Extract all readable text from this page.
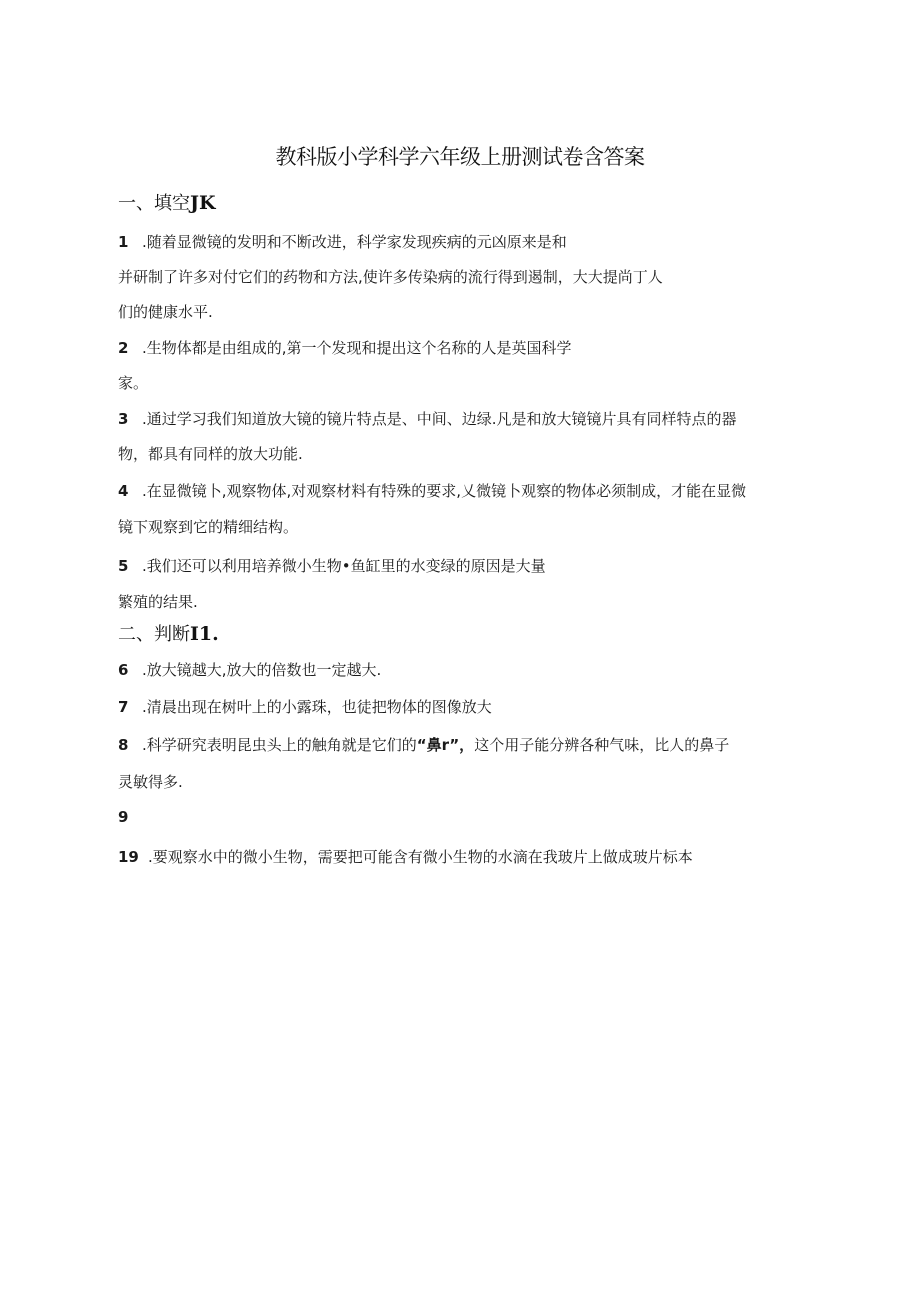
教科版小学科学六年级上册测试卷含答案
一、填空JK
1 .随着显微镜的发明和不断改进，科学家发现疾病的元凶原来是和
并研制了许多对付它们的药物和方法,使许多传染病的流行得到遏制，大大提尚丁人
们的健康水平.
2 .生物体都是由组成的,第一个发现和提出这个名称的人是英国科学
家。
3 .通过学习我们知道放大镜的镜片特点是、中间、边绿.凡是和放大镜镜片具有同样特点的器
物，都具有同样的放大功能.
4 .在显微镜卜,观察物体,对观察材料有特殊的要求,乂微镜卜观察的物体必须制成，才能在显微
镜下观察到它的精细结构。
5 .我们还可以利用培养微小生物•鱼缸里的水变绿的原因是大量
繁殖的结果.
二、判断I1.
6 .放大镜越大,放大的倍数也一定越大.
7 .清晨出现在树叶上的小露珠，也徒把物体的图像放大
8 .科学研究表明昆虫头上的触角就是它们的“鼻r”，这个用子能分辨各种气味，比人的鼻子
灵敏得多.
9
19 .要观察水中的微小生物，需要把可能含有微小生物的水滴在我玻片上做成玻片标本
